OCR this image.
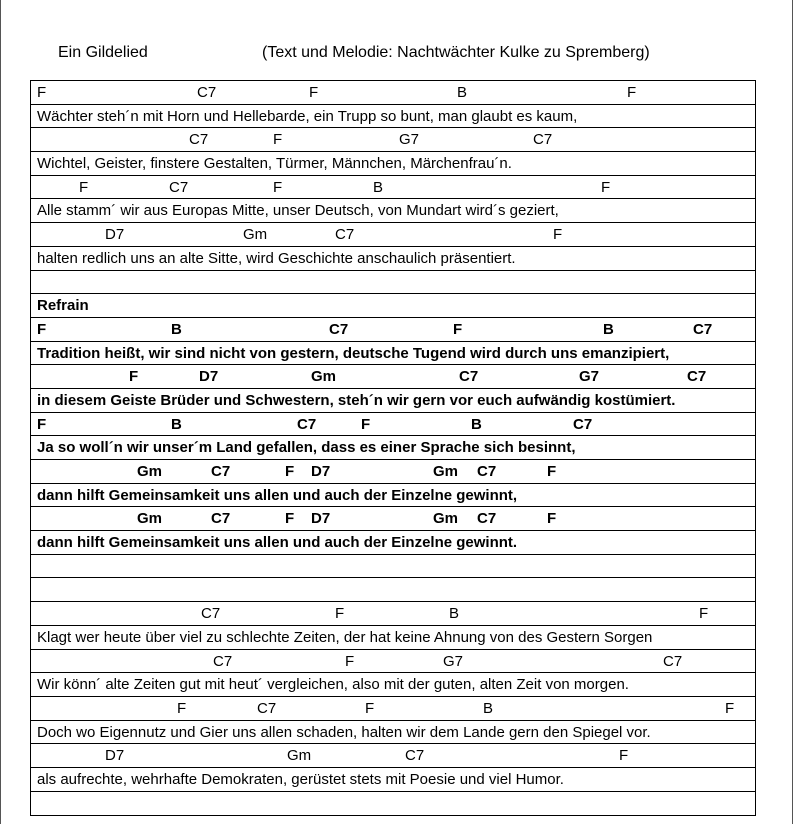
Ein Gildelied	(Text und Melodie: Nachtwächter Kulke zu Spremberg)
F	C7	F	B	F
Wächter steh´n mit Horn und Hellebarde, ein Trupp so bunt, man glaubt es kaum,
C7	F	G7	C7
Wichtel, Geister, finstere Gestalten, Türmer, Männchen, Märchenfrau´n.
F	C7	F	B	F
Alle stamm´ wir aus Europas Mitte, unser Deutsch, von Mundart wird´s geziert,
D7	Gm	C7	F
halten redlich uns an alte Sitte, wird Geschichte anschaulich präsentiert.
Refrain
F	B	C7	F	B	C7
Tradition heißt, wir sind nicht von gestern, deutsche Tugend wird durch uns emanzipiert,
F	D7	Gm	C7	G7	C7
in diesem Geiste Brüder und Schwestern, steh´n wir gern vor euch aufwändig kostümiert.
F	B	C7	F	B	C7
Ja so woll´n wir unser´m Land gefallen, dass es einer Sprache sich besinnt,
Gm	C7	F D7	Gm C7	F
dann hilft Gemeinsamkeit uns allen und auch der Einzelne gewinnt,
Gm	C7	F D7	Gm C7	F
dann hilft Gemeinsamkeit uns allen und auch der Einzelne gewinnt.
C7	F	B	F
Klagt wer heute über viel zu schlechte Zeiten, der hat keine Ahnung von des Gestern Sorgen
C7	F	G7	C7
Wir könn´ alte Zeiten gut mit heut´ vergleichen, also mit der guten, alten Zeit von morgen.
F	C7	F	B	F
Doch wo Eigennutz und Gier uns allen schaden, halten wir dem Lande gern den Spiegel vor.
D7	Gm	C7	F
als aufrechte, wehrhafte Demokraten, gerüstet stets mit Poesie und viel Humor.
